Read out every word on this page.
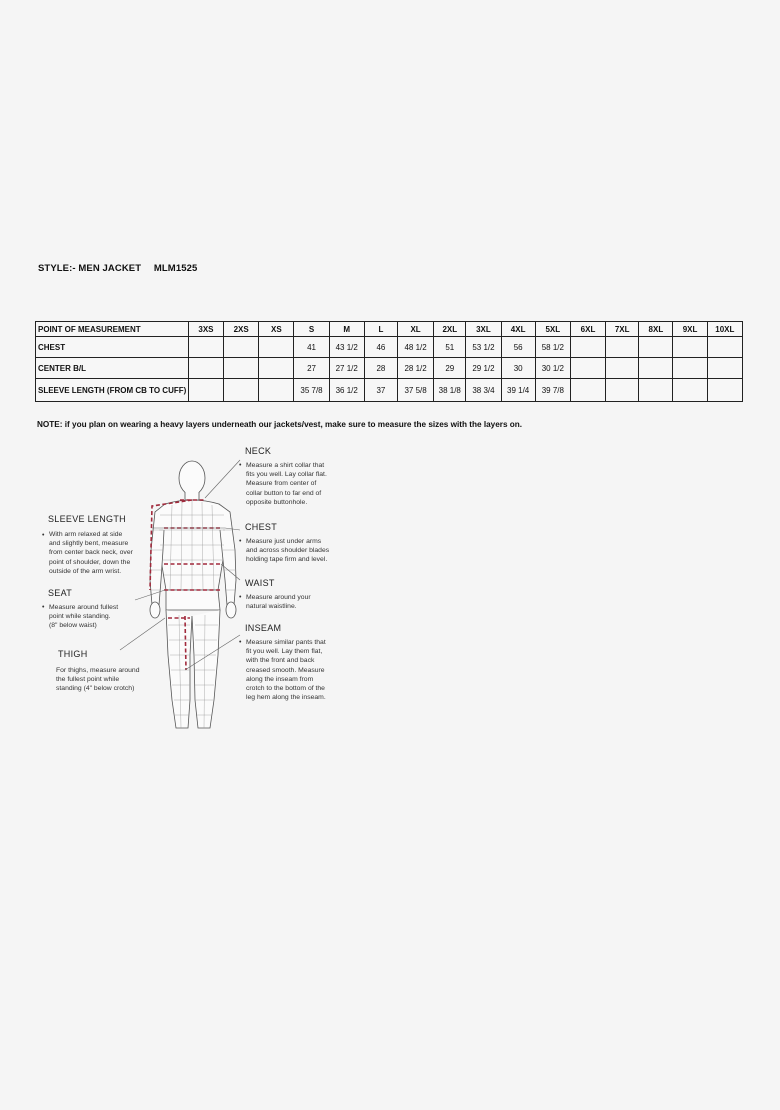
STYLE:- MEN JACKET MLM1525
POINT OF MEASUREMENT	3XS	2XS	XS	S	M	L	XL	2XL	3XL	4XL	5XL	6XL	7XL	8XL	9XL	10XL
CHEST				41	43 1/2	46	48 1/2	51	53 1/2	56	58 1/2					
CENTER B/L				27	27 1/2	28	28 1/2	29	29 1/2	30	30 1/2					
SLEEVE LENGTH (FROM CB TO CUFF)				35 7/8	36 1/2	37	37 5/8	38 1/8	38 3/4	39 1/4	39 7/8					
NOTE: if you plan on wearing a heavy layers underneath our jackets/vest, make sure to measure the sizes with the layers on.
NECK
• Measure a shirt collar that
fits you well. Lay collar flat.
Measure from center of
collar button to far end of
opposite buttonhole.
SLEEVE LENGTH
• With arm relaxed at side
and slightly bent, measure
from center back neck, over
point of shoulder, down the
outside of the arm wrist.
CHEST
• Measure just under arms
and across shoulder blades
holding tape firm and level.
WAIST
• Measure around your
natural waistline.
SEAT
• Measure around fullest
point while standing.
(8" below waist)	INSEAM
• Measure similar pants that
fit you well. Lay them flat,
with the front and back
creased smooth. Measure
along the inseam from
crotch to the bottom of the
leg hem along the inseam.
THIGH
For thighs, measure around
the fullest point while
standing (4" below crotch)
